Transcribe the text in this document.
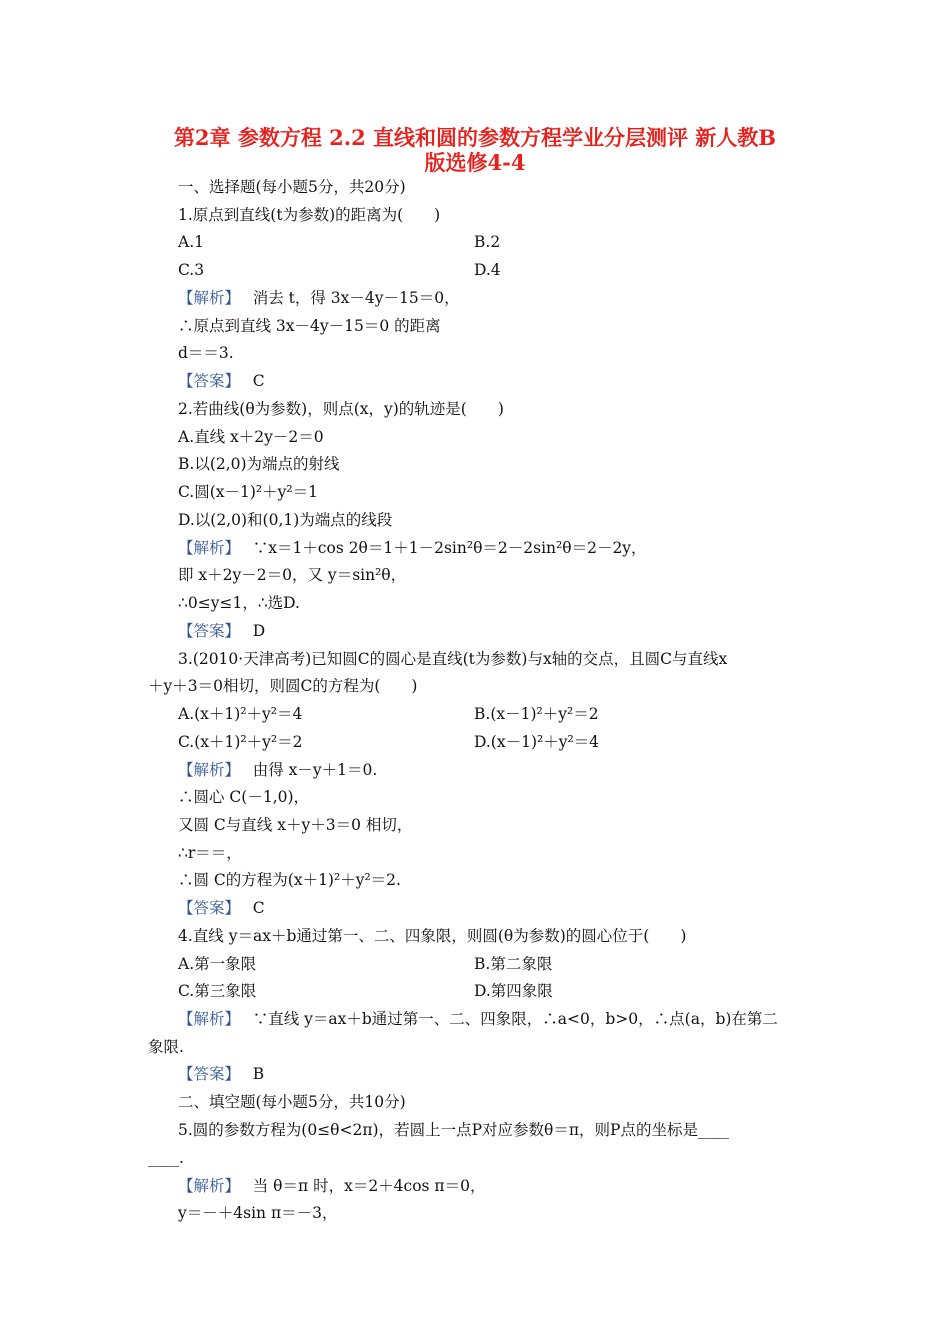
第2章 参数方程 2.2 直线和圆的参数方程学业分层测评 新人教B
版选修4-4
一、选择题(每小题5分，共20分)
1.原点到直线(t为参数)的距离为(　　)
A.1	B.2
C.3	D.4
【解析】　 消去 t，得 3x－4y－15＝0，
∴原点到直线 3x－4y－15＝0 的距离
d＝＝3.
【答案】　 C
2.若曲线(θ为参数)，则点(x，y)的轨迹是(　　)
A.直线 x＋2y－2＝0
B.以(2,0)为端点的射线
C.圆(x－1)²＋y²＝1
D.以(2,0)和(0,1)为端点的线段
【解析】　 ∵x＝1＋cos 2θ＝1＋1－2sin²θ＝2－2sin²θ＝2－2y，
即 x＋2y－2＝0，又 y＝sin²θ，
∴0≤y≤1，∴选D.
【答案】　 D
3.(2010·天津高考)已知圆C的圆心是直线(t为参数)与x轴的交点，且圆C与直线x
＋y＋3＝0相切，则圆C的方程为(　　)
A.(x＋1)²＋y²＝4	B.(x－1)²＋y²＝2
C.(x＋1)²＋y²＝2	D.(x－1)²＋y²＝4
【解析】　 由得 x－y＋1＝0.
∴圆心 C(－1,0)，
又圆 C与直线 x＋y＋3＝0 相切，
∴r＝＝，
∴圆 C的方程为(x＋1)²＋y²＝2.
【答案】　 C
4.直线 y＝ax＋b通过第一、二、四象限，则圆(θ为参数)的圆心位于(　　)
A.第一象限	B.第二象限
C.第三象限	D.第四象限
【解析】　 ∵直线 y＝ax＋b通过第一、二、四象限，∴a<0，b>0，∴点(a，b)在第二
象限.
【答案】　 B
二、填空题(每小题5分，共10分)
5.圆的参数方程为(0≤θ<2π)，若圆上一点P对应参数θ＝π，则P点的坐标是____
____.
【解析】　 当 θ＝π 时，x＝2＋4cos π＝0，
y＝－＋4sin π＝－3，
